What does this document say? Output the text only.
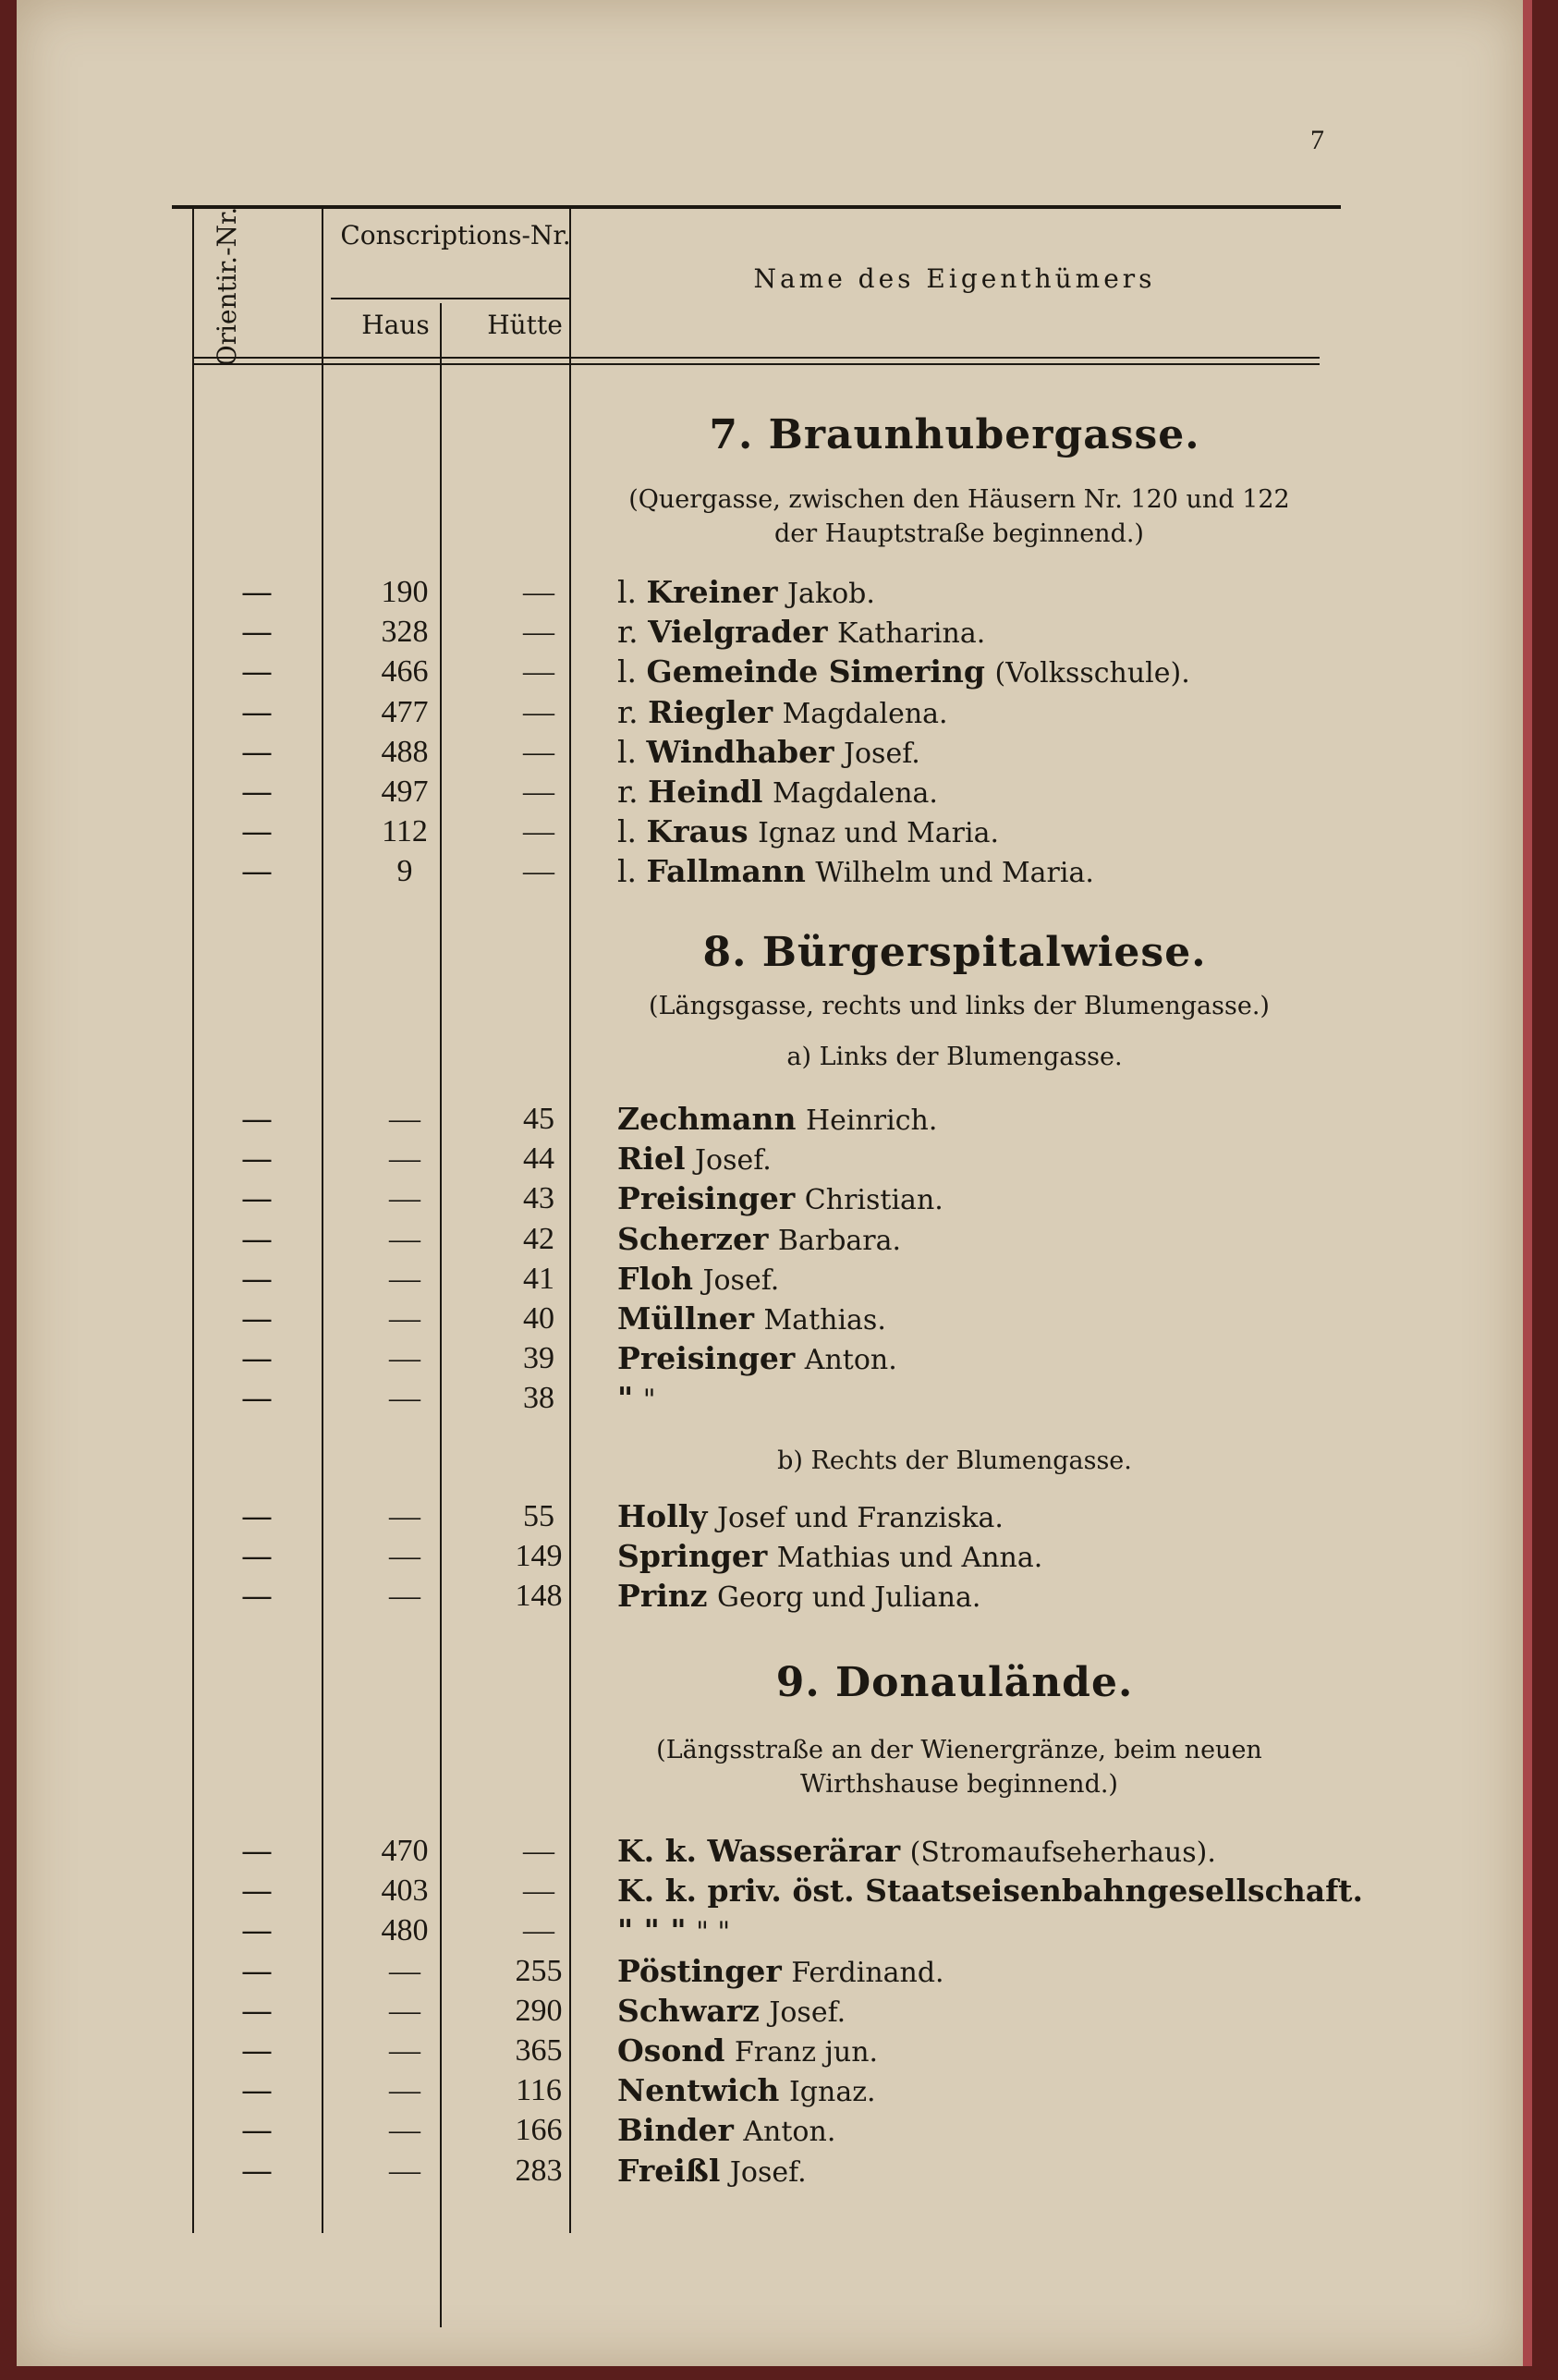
7
Orientir.-Nr.	Conscriptions-Nr.
Haus	Hütte
Name des Eigenthümers
7. Braunhubergasse.
(Quergasse, zwischen den Häusern Nr. 120 und 122 der Hauptstraße beginnend.)
8. Bürgerspitalwiese.
(Längsgasse, rechts und links der Blumengasse.)
a) Links der Blumengasse.
b) Rechts der Blumengasse.
9. Donaulände.
(Längsstraße an der Wienergränze, beim neuen Wirthshause beginnend.)
—	190	—	l. Kreiner Jakob.
—	328	—	r. Vielgrader Katharina.
—	466	—	l. Gemeinde Simering (Volksschule).
—	477	—	r. Riegler Magdalena.
—	488	—	l. Windhaber Josef.
—	497	—	r. Heindl Magdalena.
—	112	—	l. Kraus Ignaz und Maria.
—	9	—	l. Fallmann Wilhelm und Maria.
—	—	45	Zechmann Heinrich.
—	—	44	Riel Josef.
—	—	43	Preisinger Christian.
—	—	42	Scherzer Barbara.
—	—	41	Floh Josef.
—	—	40	Müllner Mathias.
—	—	39	Preisinger Anton.
—	—	38	" "
—	—	55	Holly Josef und Franziska.
—	—	149	Springer Mathias und Anna.
—	—	148	Prinz Georg und Juliana.
—	470	—	K. k. Wasserärar (Stromaufseherhaus).
—	403	—	K. k. priv. öst. Staatseisenbahngesellschaft.
—	480	—	" " " " "
—	—	255	Pöstinger Ferdinand.
—	—	290	Schwarz Josef.
—	—	365	Osond Franz jun.
—	—	116	Nentwich Ignaz.
—	—	166	Binder Anton.
—	—	283	Freißl Josef.
